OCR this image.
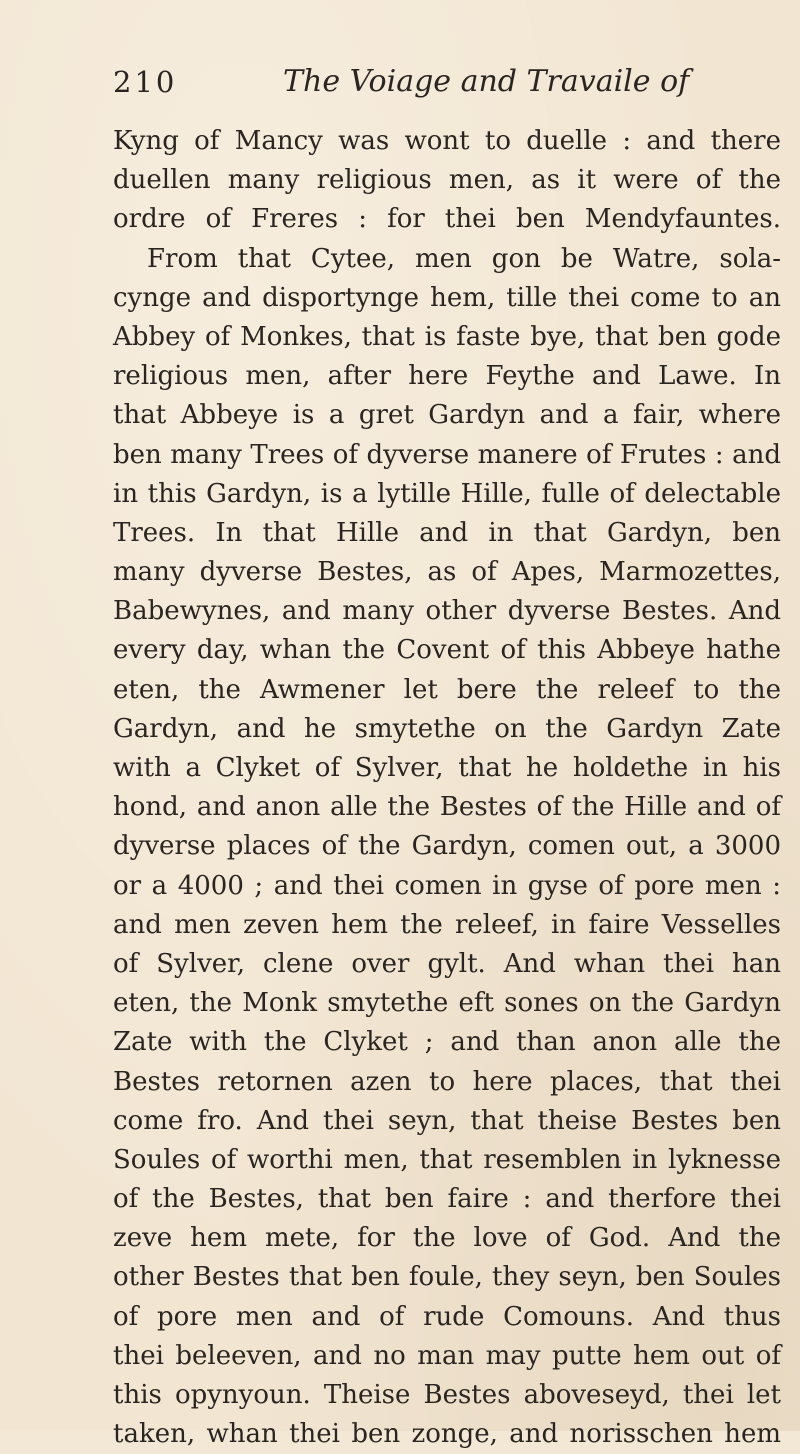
210	The Voiage and Travaile of
Kyng of Mancy was wont to duelle : and there
duellen many religious men, as it were of the
ordre of Freres : for thei ben Mendyfauntes.
From that Cytee, men gon be Watre, sola-
cynge and disportynge hem, tille thei come to an
Abbey of Monkes, that is faste bye, that ben gode
religious men, after here Feythe and Lawe. In
that Abbeye is a gret Gardyn and a fair, where
ben many Trees of dyverse manere of Frutes : and
in this Gardyn, is a lytille Hille, fulle of delectable
Trees. In that Hille and in that Gardyn, ben
many dyverse Bestes, as of Apes, Marmozettes,
Babewynes, and many other dyverse Bestes. And
every day, whan the Covent of this Abbeye hathe
eten, the Awmener let bere the releef to the
Gardyn, and he smytethe on the Gardyn Zate
with a Clyket of Sylver, that he holdethe in his
hond, and anon alle the Bestes of the Hille and of
dyverse places of the Gardyn, comen out, a 3000
or a 4000 ; and thei comen in gyse of pore men :
and men zeven hem the releef, in faire Vesselles
of Sylver, clene over gylt. And whan thei han
eten, the Monk smytethe eft sones on the Gardyn
Zate with the Clyket ; and than anon alle the
Bestes retornen azen to here places, that thei
come fro. And thei seyn, that theise Bestes ben
Soules of worthi men, that resemblen in lyknesse
of the Bestes, that ben faire : and therfore thei
zeve hem mete, for the love of God. And the
other Bestes that ben foule, they seyn, ben Soules
of pore men and of rude Comouns. And thus
thei beleeven, and no man may putte hem out of
this opynyoun. Theise Bestes aboveseyd, thei let
taken, whan thei ben zonge, and norisschen hem
